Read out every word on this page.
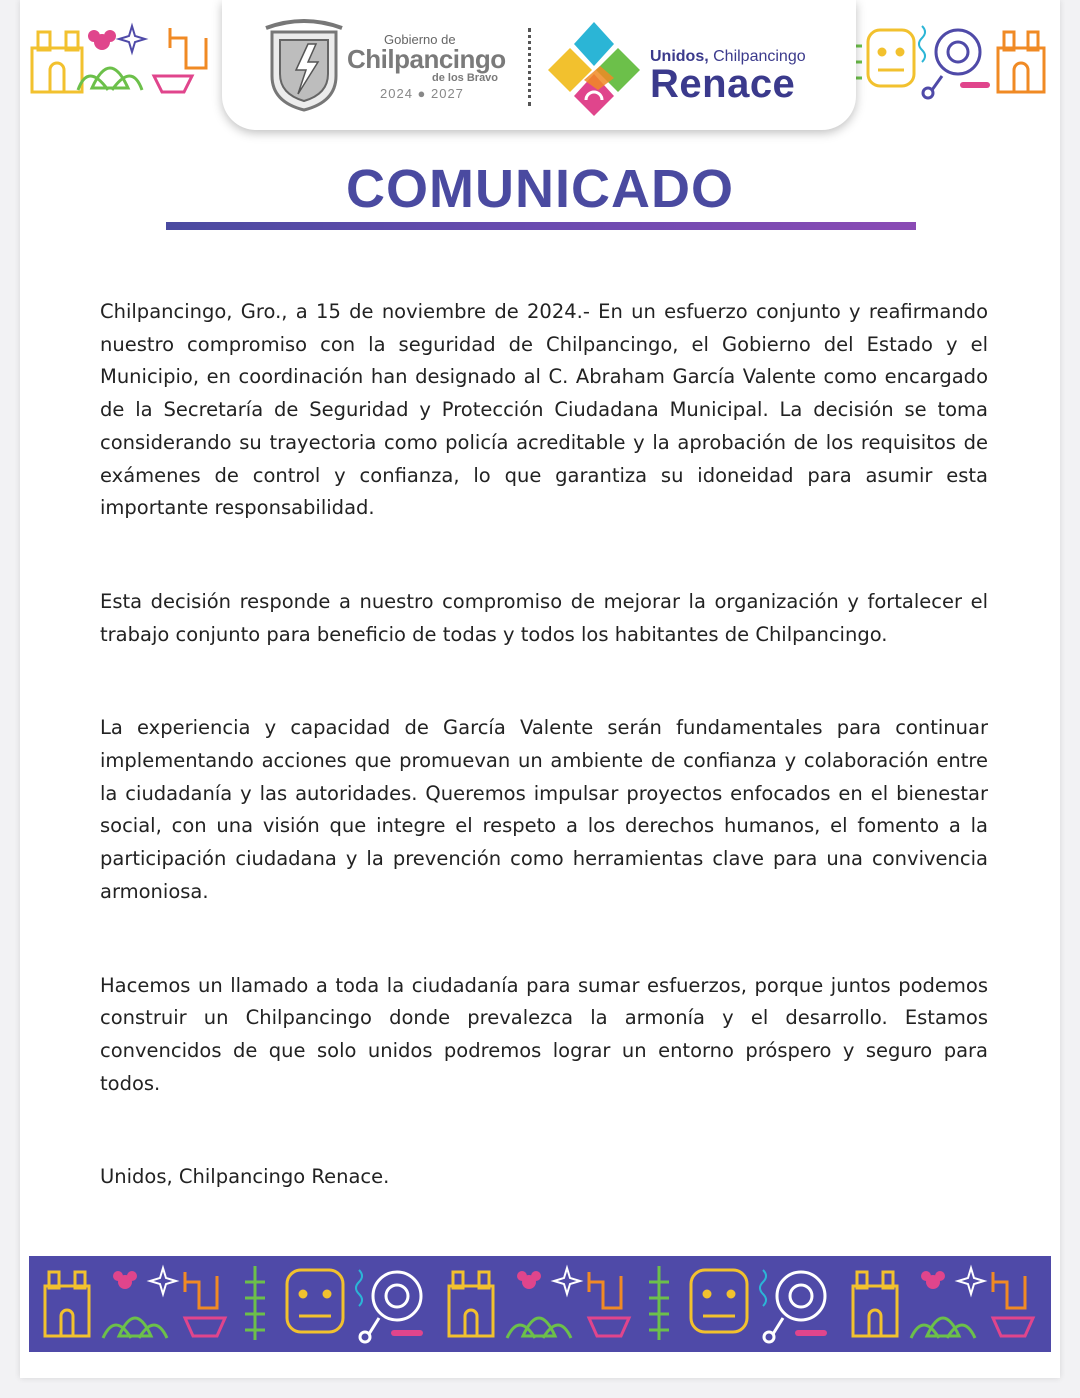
Gobierno de
Chilpancingo
de los Bravo
2024 ● 2027
Unidos, Chilpancingo
Renace
COMUNICADO

Chilpancingo, Gro., a 15 de noviembre de 2024.- En un esfuerzo conjunto y reafirmando nuestro compromiso con la seguridad de Chilpancingo, el Gobierno del Estado y el Municipio, en coordinación han designado al C. Abraham García Valente como encargado de la Secretaría de Seguridad y Protección Ciudadana Municipal. La decisión se toma considerando su trayectoria como policía acreditable y la aprobación de los requisitos de exámenes de control y confianza, lo que garantiza su idoneidad para asumir esta importante responsabilidad.

Esta decisión responde a nuestro compromiso de mejorar la organización y fortalecer el trabajo conjunto para beneficio de todas y todos los habitantes de Chilpancingo.

La experiencia y capacidad de García Valente serán fundamentales para continuar implementando acciones que promuevan un ambiente de confianza y colaboración entre la ciudadanía y las autoridades. Queremos impulsar proyectos enfocados en el bienestar social, con una visión que integre el respeto a los derechos humanos, el fomento a la participación ciudadana y la prevención como herramientas clave para una convivencia armoniosa.

Hacemos un llamado a toda la ciudadanía para sumar esfuerzos, porque juntos podemos construir un Chilpancingo donde prevalezca la armonía y el desarrollo. Estamos convencidos de que solo unidos podremos lograr un entorno próspero y seguro para todos.

Unidos, Chilpancingo Renace.
